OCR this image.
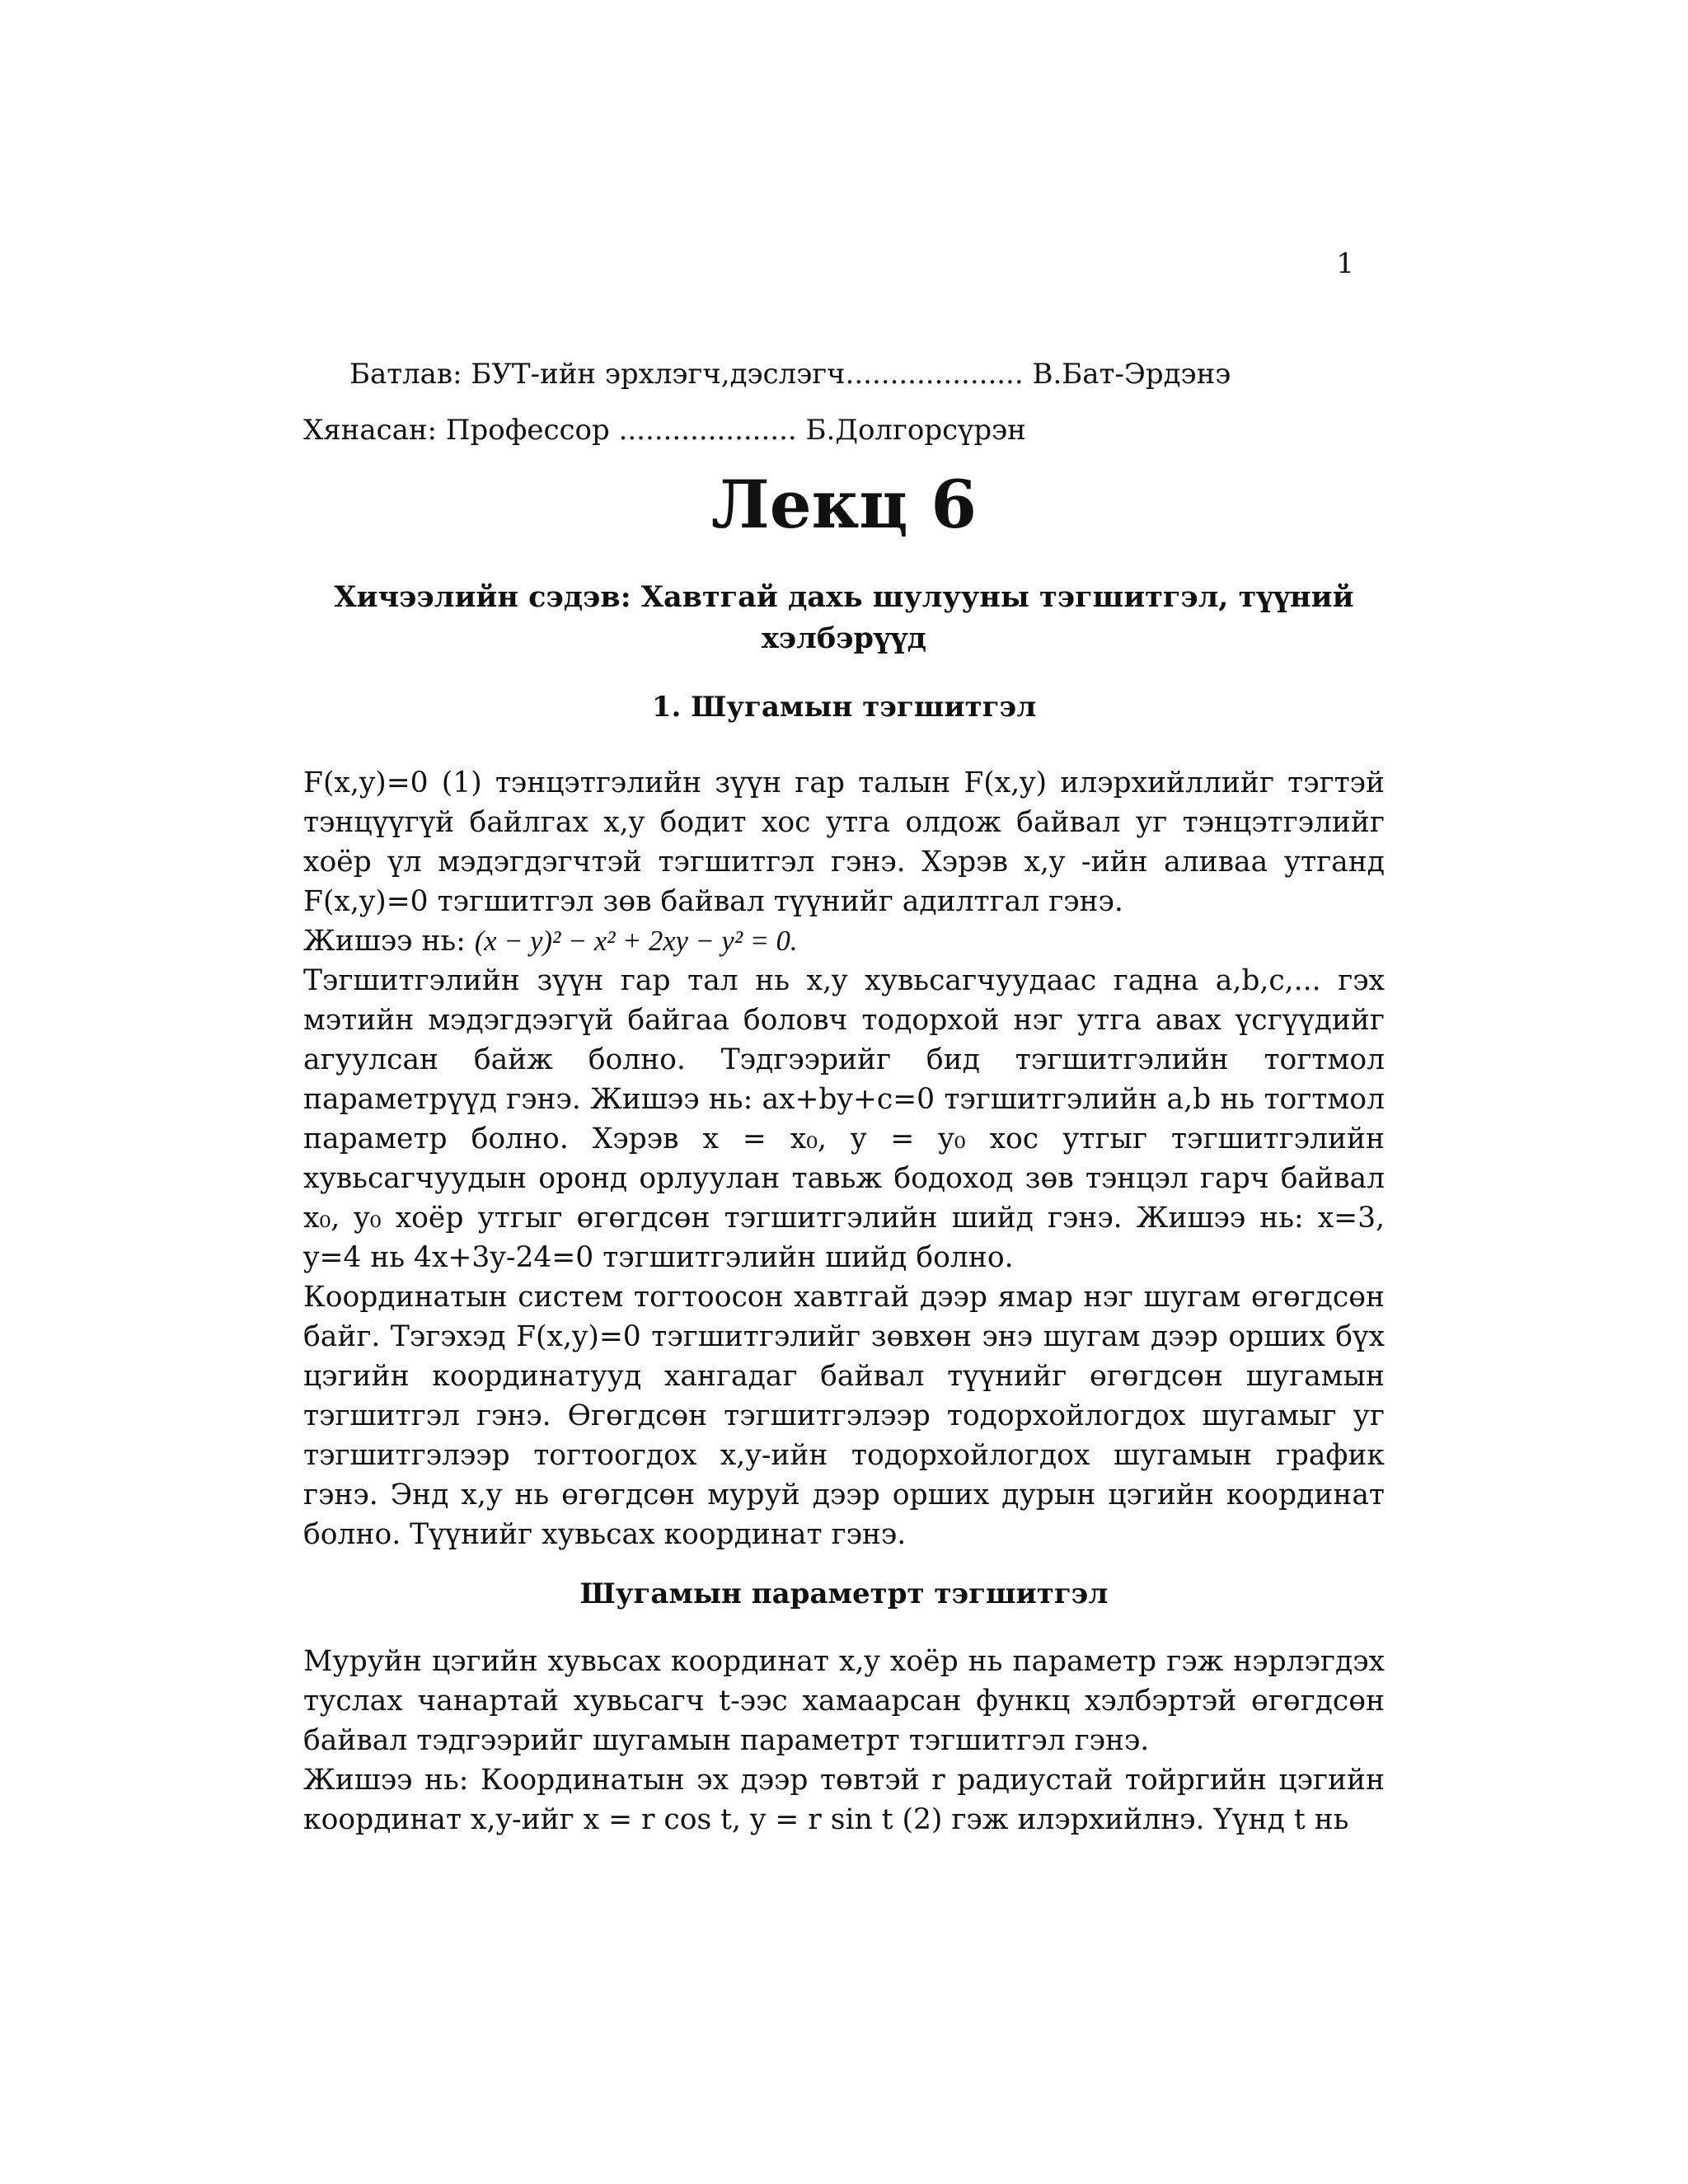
1
Батлав: БУТ-ийн эрхлэгч,дэслэгч.................... В.Бат-Эрдэнэ
Хянасан: Профессор .................... Б.Долгорсүрэн
Лекц 6
Хичээлийн сэдэв: Хавтгай дахь шулууны тэгшитгэл, түүний хэлбэрүүд
1. Шугамын тэгшитгэл

F(x,y)=0 (1) тэнцэтгэлийн зүүн гар талын F(x,y) илэрхийллийг тэгтэй тэнцүүгүй байлгах x,y бодит хос утга олдож байвал уг тэнцэтгэлийг хоёр үл мэдэгдэгчтэй тэгшитгэл гэнэ. Хэрэв x,y -ийн аливаа утганд F(x,y)=0 тэгшитгэл зөв байвал түүнийг адилтгал гэнэ.

Жишээ нь: (x − y)² − x² + 2xy − y² = 0.

Тэгшитгэлийн зүүн гар тал нь x,y хувьсагчуудаас гадна a,b,c,... гэх мэтийн мэдэгдээгүй байгаа боловч тодорхой нэг утга авах үсгүүдийг агуулсан байж болно. Тэдгээрийг бид тэгшитгэлийн тогтмол параметрүүд гэнэ. Жишээ нь: ax+by+c=0 тэгшитгэлийн a,b нь тогтмол параметр болно. Хэрэв x = x₀, y = y₀ хос утгыг тэгшитгэлийн хувьсагчуудын оронд орлуулан тавьж бодоход зөв тэнцэл гарч байвал x₀, y₀ хоёр утгыг өгөгдсөн тэгшитгэлийн шийд гэнэ. Жишээ нь: x=3, y=4 нь 4x+3y-24=0 тэгшитгэлийн шийд болно.

Координатын систем тогтоосон хавтгай дээр ямар нэг шугам өгөгдсөн байг. Тэгэхэд F(x,y)=0 тэгшитгэлийг зөвхөн энэ шугам дээр орших бүх цэгийн координатууд хангадаг байвал түүнийг өгөгдсөн шугамын тэгшитгэл гэнэ. Өгөгдсөн тэгшитгэлээр тодорхойлогдох шугамыг уг тэгшитгэлээр тогтоогдох x,y-ийн тодорхойлогдох шугамын график гэнэ. Энд x,y нь өгөгдсөн муруй дээр орших дурын цэгийн координат болно. Түүнийг хувьсах координат гэнэ.

Шугамын параметрт тэгшитгэл

Муруйн цэгийн хувьсах координат x,y хоёр нь параметр гэж нэрлэгдэх туслах чанартай хувьсагч t-ээс хамаарсан функц хэлбэртэй өгөгдсөн байвал тэдгээрийг шугамын параметрт тэгшитгэл гэнэ.

Жишээ нь: Координатын эх дээр төвтэй r радиустай тойргийн цэгийн координат x,y-ийг x = r cos t, y = r sin t (2) гэж илэрхийлнэ. Үүнд t нь
